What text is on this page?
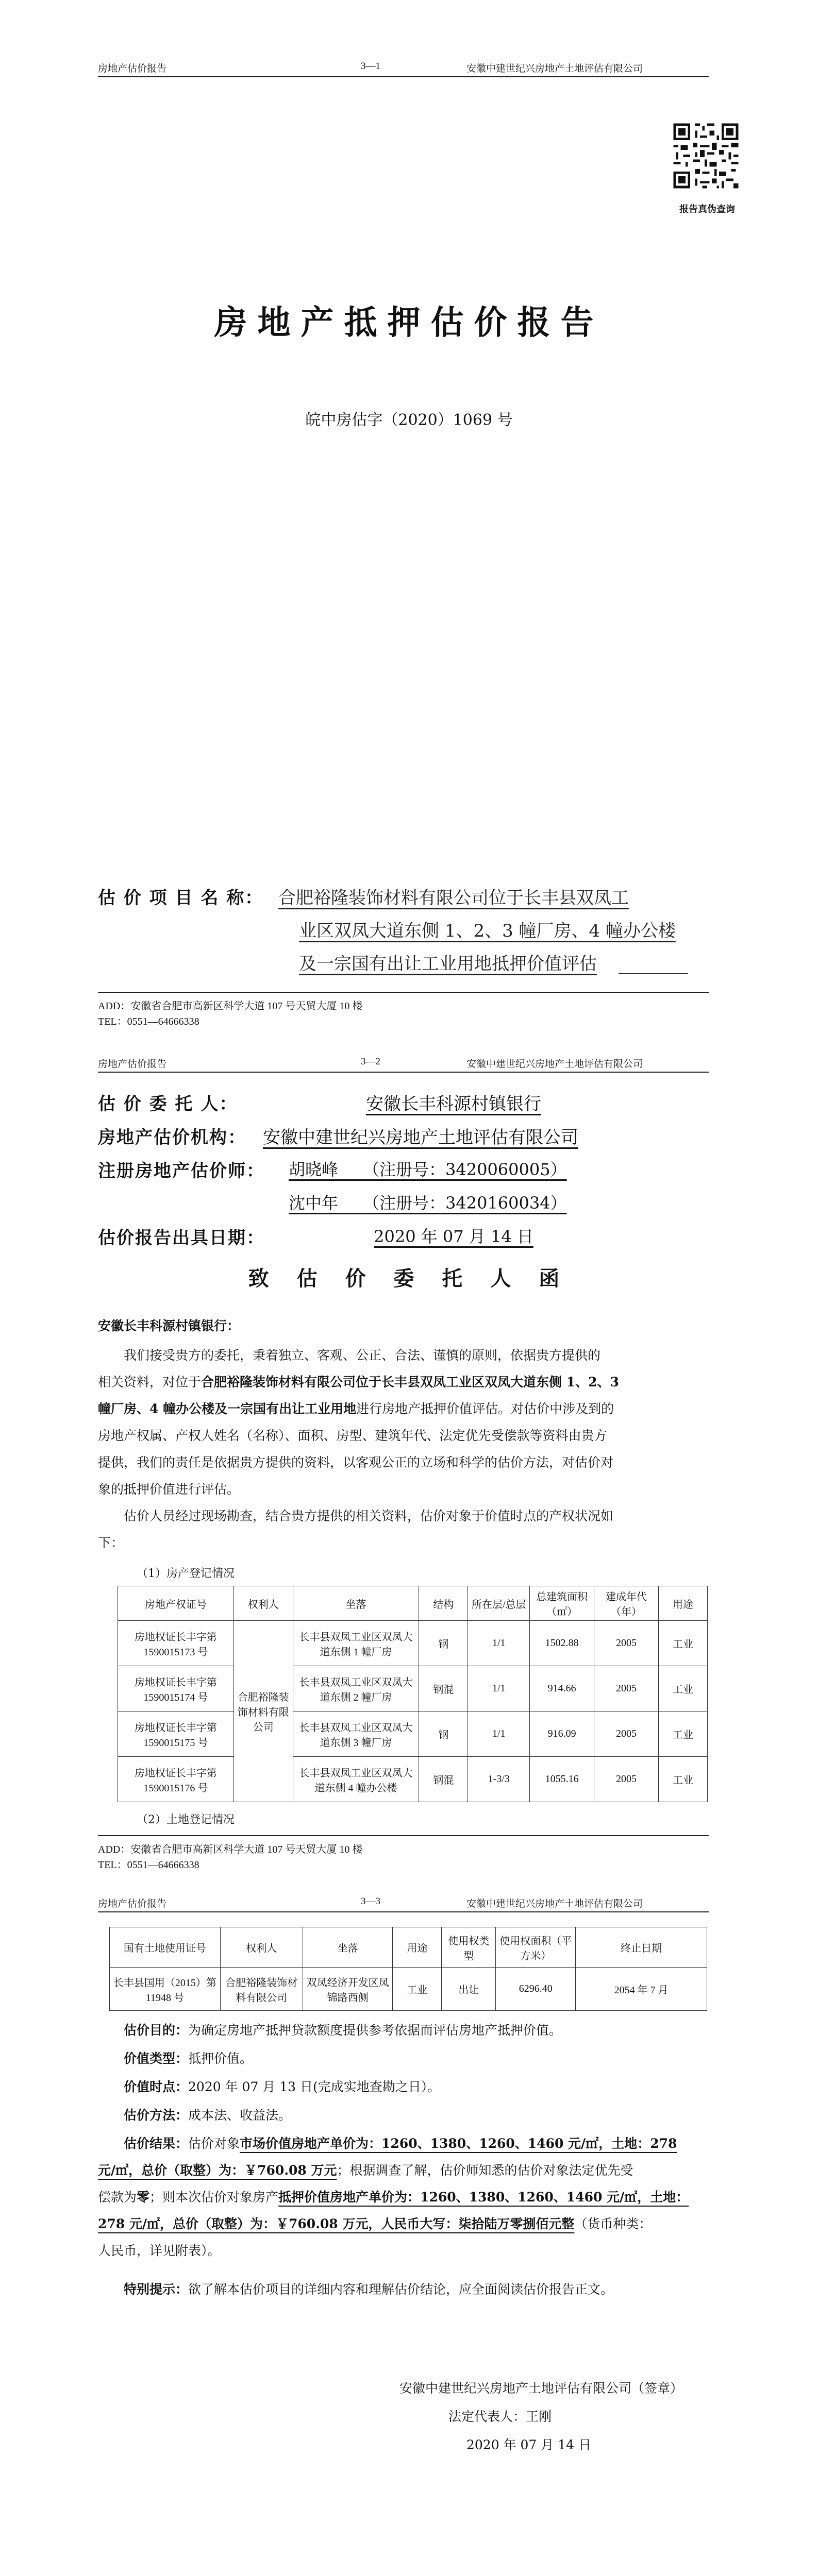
房地产估价报告	3—1	安徽中建世纪兴房地产土地评估有限公司
报告真伪查询
房地产抵押估价报告
皖中房估字（2020）1069 号
估 价 项 目 名 称： 合肥裕隆装饰材料有限公司位于长丰县双凤工
业区双凤大道东侧 1、2、3 幢厂房、4 幢办公楼
及一宗国有出让工业用地抵押价值评估
ADD：安徽省合肥市高新区科学大道 107 号天贸大厦 10 楼
TEL：0551—64666338
房地产估价报告	3—2	安徽中建世纪兴房地产土地评估有限公司
估 价 委 托 人：	安徽长丰科源村镇银行
房地产估价机构： 安徽中建世纪兴房地产土地评估有限公司
注册房地产估价师： 胡晓峰　　（注册号：3420060005）
沈中年　　（注册号：3420160034）
估价报告出具日期：	2020 年 07 月 14 日
致 估 价 委 托 人 函
安徽长丰科源村镇银行：
我们接受贵方的委托，秉着独立、客观、公正、合法、谨慎的原则，依据贵方提供的
相关资料，对位于合肥裕隆装饰材料有限公司位于长丰县双凤工业区双凤大道东侧 1、2、3
幢厂房、4 幢办公楼及一宗国有出让工业用地进行房地产抵押价值评估。对估价中涉及到的
房地产权属、产权人姓名（名称）、面积、房型、建筑年代、法定优先受偿款等资料由贵方
提供，我们的责任是依据贵方提供的资料，以客观公正的立场和科学的估价方法，对估价对
象的抵押价值进行评估。
估价人员经过现场勘查，结合贵方提供的相关资料，估价对象于价值时点的产权状况如
下：
（1）房产登记情况
房地产权证号	权利人	坐落	结构	所在层/总层	总建筑面积（㎡）	建成年代（年）	用途
房地权证长丰字第 1590015173 号	合肥裕隆装饰材料有限公司	长丰县双凤工业区双凤大道东侧 1 幢厂房	钢	1/1	1502.88	2005	工业
房地权证长丰字第 1590015174 号		长丰县双凤工业区双凤大道东侧 2 幢厂房	钢混	1/1	914.66	2005	工业
房地权证长丰字第 1590015175 号		长丰县双凤工业区双凤大道东侧 3 幢厂房	钢	1/1	916.09	2005	工业
房地权证长丰字第 1590015176 号		长丰县双凤工业区双凤大道东侧 4 幢办公楼	钢混	1-3/3	1055.16	2005	工业
（2）土地登记情况
ADD：安徽省合肥市高新区科学大道 107 号天贸大厦 10 楼
TEL：0551—64666338
房地产估价报告	3—3	安徽中建世纪兴房地产土地评估有限公司
国有土地使用证号	权利人	坐落	用途	使用权类型	使用权面积（平方米）	终止日期
长丰县国用（2015）第 11948 号	合肥裕隆装饰材料有限公司	双凤经济开发区凤锦路西侧	工业	出让	6296.40	2054 年 7 月
估价目的：为确定房地产抵押贷款额度提供参考依据而评估房地产抵押价值。
价值类型：抵押价值。
价值时点：2020 年 07 月 13 日(完成实地查勘之日）。
估价方法：成本法、收益法。
估价结果：估价对象市场价值房地产单价为：1260、1380、1260、1460 元/㎡，土地：278
元/㎡，总价（取整）为：￥760.08 万元；根据调查了解，估价师知悉的估价对象法定优先受
偿款为零；则本次估价对象房产抵押价值房地产单价为：1260、1380、1260、1460 元/㎡，土地：
278 元/㎡，总价（取整）为：￥760.08 万元，人民币大写：柒拾陆万零捌佰元整（货币种类：
人民币，详见附表）。
特别提示：欲了解本估价项目的详细内容和理解估价结论，应全面阅读估价报告正文。
安徽中建世纪兴房地产土地评估有限公司（签章）
法定代表人：王刚
2020 年 07 月 14 日
